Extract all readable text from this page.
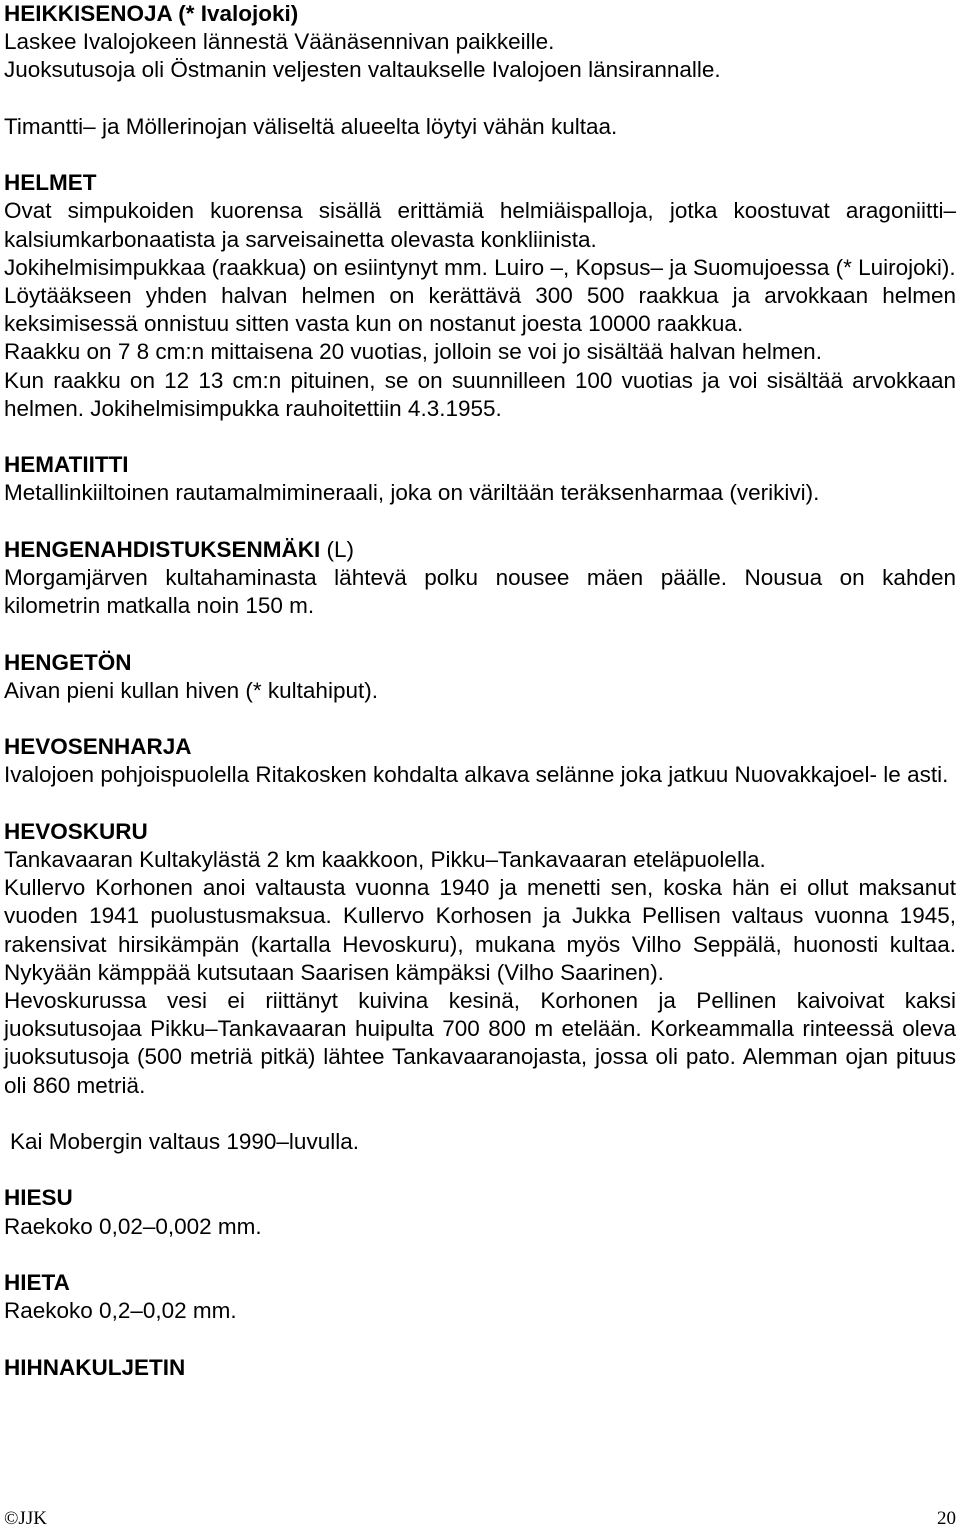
HEIKKISENOJA (* Ivalojoki)
Laskee Ivalojokeen lännestä Väänäsennivan paikkeille.
Juoksutusoja oli Östmanin veljesten valtaukselle Ivalojoen länsirannalle.
Timantti– ja Möllerinojan väliseltä alueelta löytyi vähän kultaa.
HELMET
Ovat simpukoiden kuorensa sisällä erittämiä helmiäispalloja, jotka koostuvat aragoniitti– kalsiumkarbonaatista ja sarveisainetta olevasta konkliinista.
Jokihelmisimpukkaa (raakkua) on esiintynyt mm. Luiro –, Kopsus– ja Suomujoessa (* Luirojoki).
Löytääkseen yhden halvan helmen on kerättävä 300 500 raakkua ja arvokkaan helmen keksimisessä onnistuu sitten vasta kun on nostanut joesta 10000 raakkua.
Raakku on 7 8 cm:n mittaisena 20 vuotias, jolloin se voi jo sisältää halvan helmen.
Kun raakku on 12 13 cm:n pituinen, se on suunnilleen 100 vuotias ja voi sisältää arvokkaan helmen. Jokihelmisimpukka rauhoitettiin 4.3.1955.
HEMATIITTI
Metallinkiiltoinen rautamalmimineraali, joka on väriltään teräksenharmaa (verikivi).
HENGENAHDISTUKSENMÄKI (L)
Morgamjärven kultahaminasta lähtevä polku nousee mäen päälle. Nousua on kahden kilometrin matkalla noin 150 m.
HENGETÖN
Aivan pieni kullan hiven (* kultahiput).
HEVOSENHARJA
Ivalojoen pohjoispuolella Ritakosken kohdalta alkava selänne joka jatkuu Nuovakkajoel- le asti.
HEVOSKURU
Tankavaaran Kultakylästä 2 km kaakkoon, Pikku–Tankavaaran eteläpuolella.
Kullervo Korhonen anoi valtausta vuonna 1940 ja menetti sen, koska hän ei ollut maksanut vuoden 1941 puolustusmaksua. Kullervo Korhosen ja Jukka Pellisen valtaus vuonna 1945, rakensivat hirsikämpän (kartalla Hevoskuru), mukana myös Vilho Seppälä, huonosti kultaa. Nykyään kämppää kutsutaan Saarisen kämpäksi (Vilho Saarinen).
Hevoskurussa vesi ei riittänyt kuivina kesinä, Korhonen ja Pellinen kaivoivat kaksi juoksutusojaa Pikku–Tankavaaran huipulta 700 800 m etelään. Korkeammalla rinteessä oleva juoksutusoja (500 metriä pitkä) lähtee Tankavaaranojasta, jossa oli pato. Alemman ojan pituus oli 860 metriä.
Kai Mobergin valtaus 1990–luvulla.
HIESU
Raekoko 0,02–0,002 mm.
HIETA
Raekoko 0,2–0,02 mm.
HIHNAKULJETIN
©JJK	20
